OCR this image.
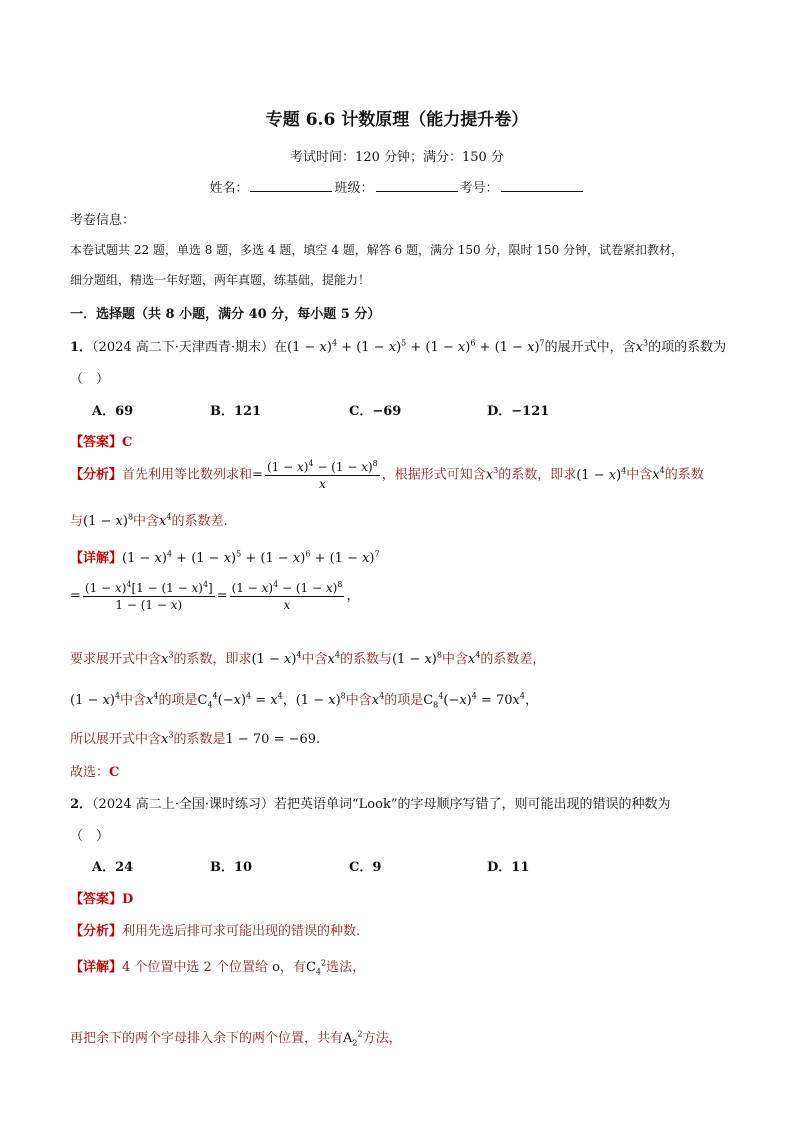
专题 6.6 计数原理（能力提升卷）
考试时间：120 分钟；满分：150 分
姓名：	班级：	考号：
考卷信息：
本卷试题共 22 题，单选 8 题，多选 4 题，填空 4 题，解答 6 题，满分 150 分，限时 150 分钟，试卷紧扣教材，
细分题组，精选一年好题，两年真题，练基础，提能力！
一．选择题（共 8 小题，满分 40 分，每小题 5 分）
1．（2024 高二下·天津西青·期末）在$(1 - x)^4 + (1 - x)^5 + (1 - x)^6 + (1 - x)^7$的展开式中，含$x^3$的项的系数为
（　）
A．69	B．121	C．−69	D．−121
【答案】C
【分析】首先利用等比数列求和= $\frac{(1 - x)^4 - (1 - x)^8}{x}$ ，根据形式可知含$x^3$的系数，即求$(1 - x)^4$中含$x^4$的系数
与$(1 - x)^8$中含$x^4$的系数差.
【详解】$(1 - x)^4 + (1 - x)^5 + (1 - x)^6 + (1 - x)^7$
= $\frac{(1 - x)^4[1 - (1 - x)^4]}{1 - (1 - x)} = \frac{(1 - x)^4 - (1 - x)^8}{x}$ ，
要求展开式中含$x^3$的系数，即求$(1 - x)^4$中含$x^4$的系数与$(1 - x)^8$中含$x^4$的系数差，
$(1 - x)^4$中含$x^4$的项是$C_4^4(-x)^4 = x^4$，$(1 - x)^8$中含$x^4$的项是$C_8^4(-x)^4 = 70x^4$，
所以展开式中含$x^3$的系数是1 − 70 = −69.
故选：C
2．（2024 高二上·全国·课时练习）若把英语单词“Look”的字母顺序写错了，则可能出现的错误的种数为
（　）
A．24	B．10	C．9	D．11
【答案】D
【分析】利用先选后排可求可能出现的错误的种数.
【详解】4 个位置中选 2 个位置给 o，有$C_4^2$选法，
再把余下的两个字母排入余下的两个位置，共有$A_2^2$方法，
